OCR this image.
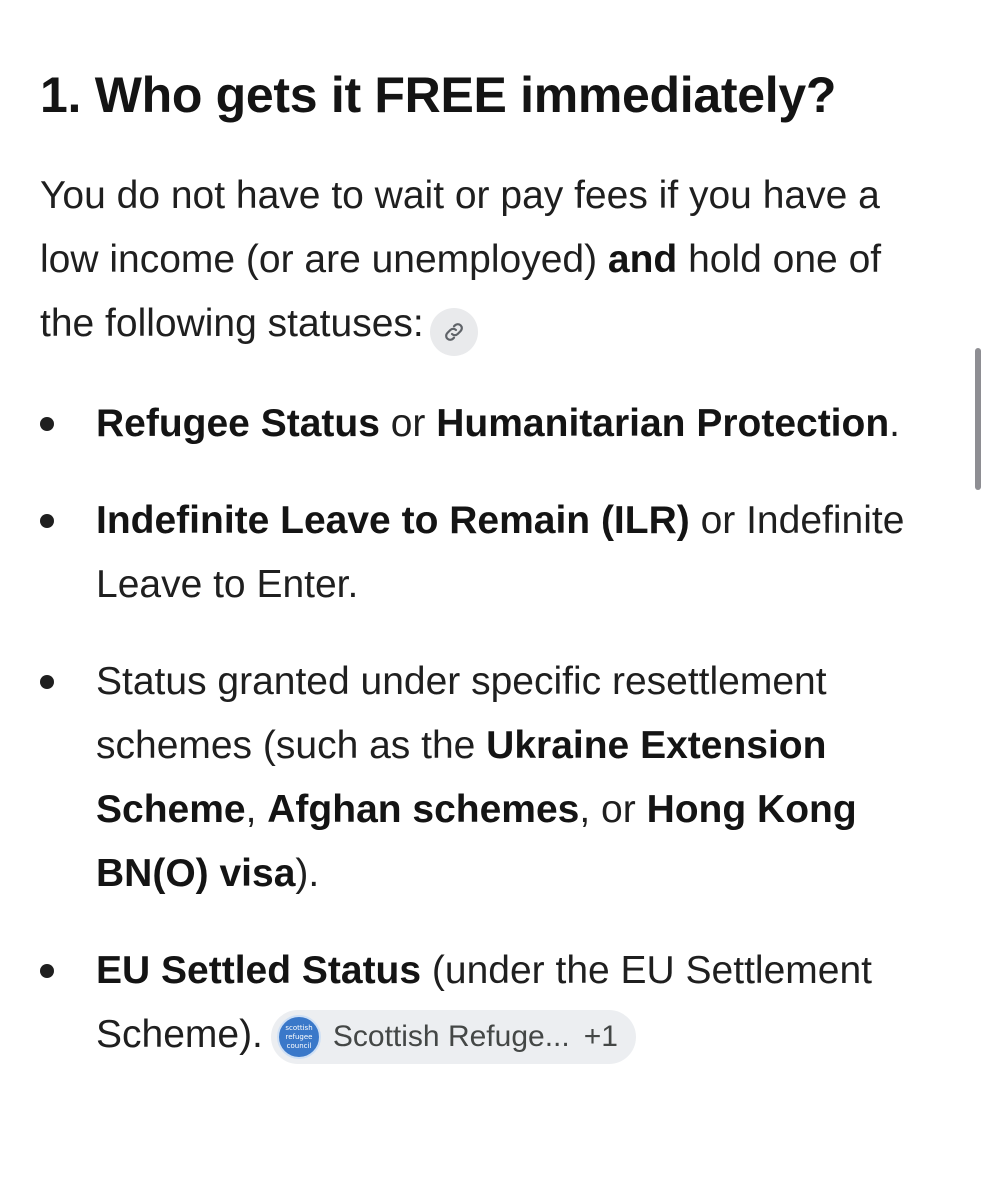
1. Who gets it FREE immediately?

You do not have to wait or pay fees if you have a low income (or are unemployed) and hold one of the following statuses:

Refugee Status or Humanitarian Protection.
Indefinite Leave to Remain (ILR) or Indefinite Leave to Enter.
Status granted under specific resettlement schemes (such as the Ukraine Extension Scheme, Afghan schemes, or Hong Kong BN(O) visa).
EU Settled Status (under the EU Settlement Scheme).	scottish
refugee
council Scottish Refuge... +1
